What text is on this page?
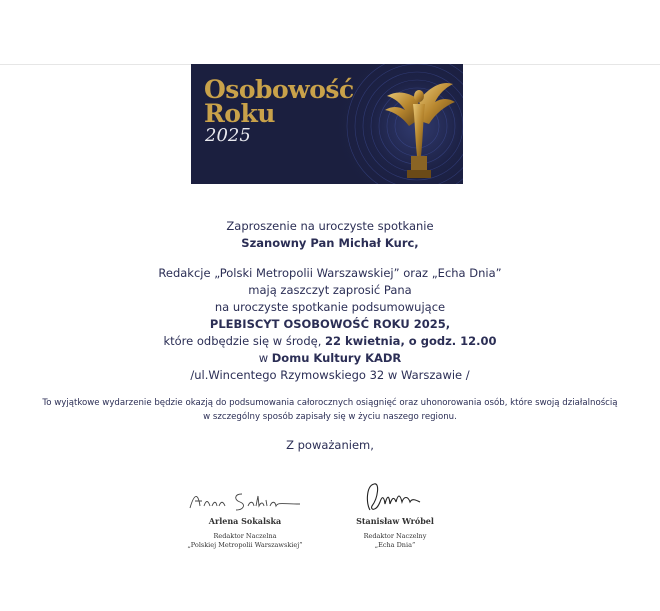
Osobowość
Roku
2025
Zaproszenie na uroczyste spotkanie
Szanowny Pan Michał Kurc,
Redakcje „Polski Metropolii Warszawskiej” oraz „Echa Dnia”
mają zaszczyt zaprosić Pana
na uroczyste spotkanie podsumowujące
PLEBISCYT OSOBOWOŚĆ ROKU 2025,
które odbędzie się w środę, 22 kwietnia, o godz. 12.00
w Domu Kultury KADR
/ul.Wincentego Rzymowskiego 32 w Warszawie /
To wyjątkowe wydarzenie będzie okazją do podsumowania całorocznych osiągnięć oraz uhonorowania osób, które swoją działalnością
w szczególny sposób zapisały się w życiu naszego regionu.
Z poważaniem,
Arlena Sokalska
Redaktor Naczelna
„Polskiej Metropolii Warszawskiej”
Stanisław Wróbel
Redaktor Naczelny
„Echa Dnia”
